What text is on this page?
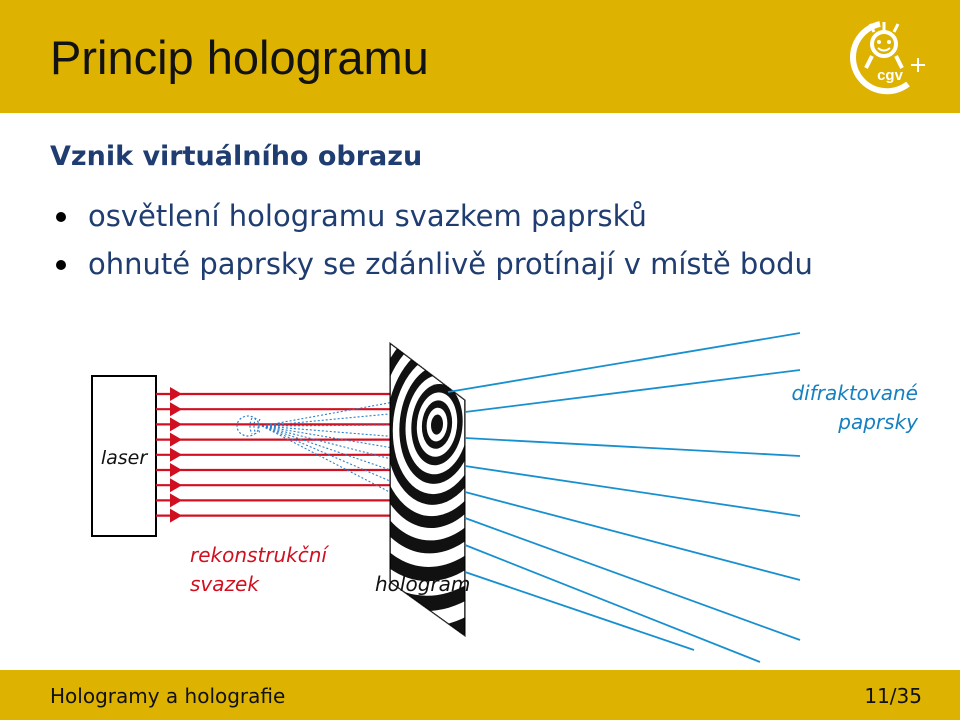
Princip hologramu	cgv
Vznik virtuálního obrazu
osvětlení hologramu svazkem paprsků
ohnuté paprsky se zdánlivě protínají v místě bodu
laser
rekonstrukční
svazek	hologram
difraktované
paprsky
Hologramy a holografie	11/35
